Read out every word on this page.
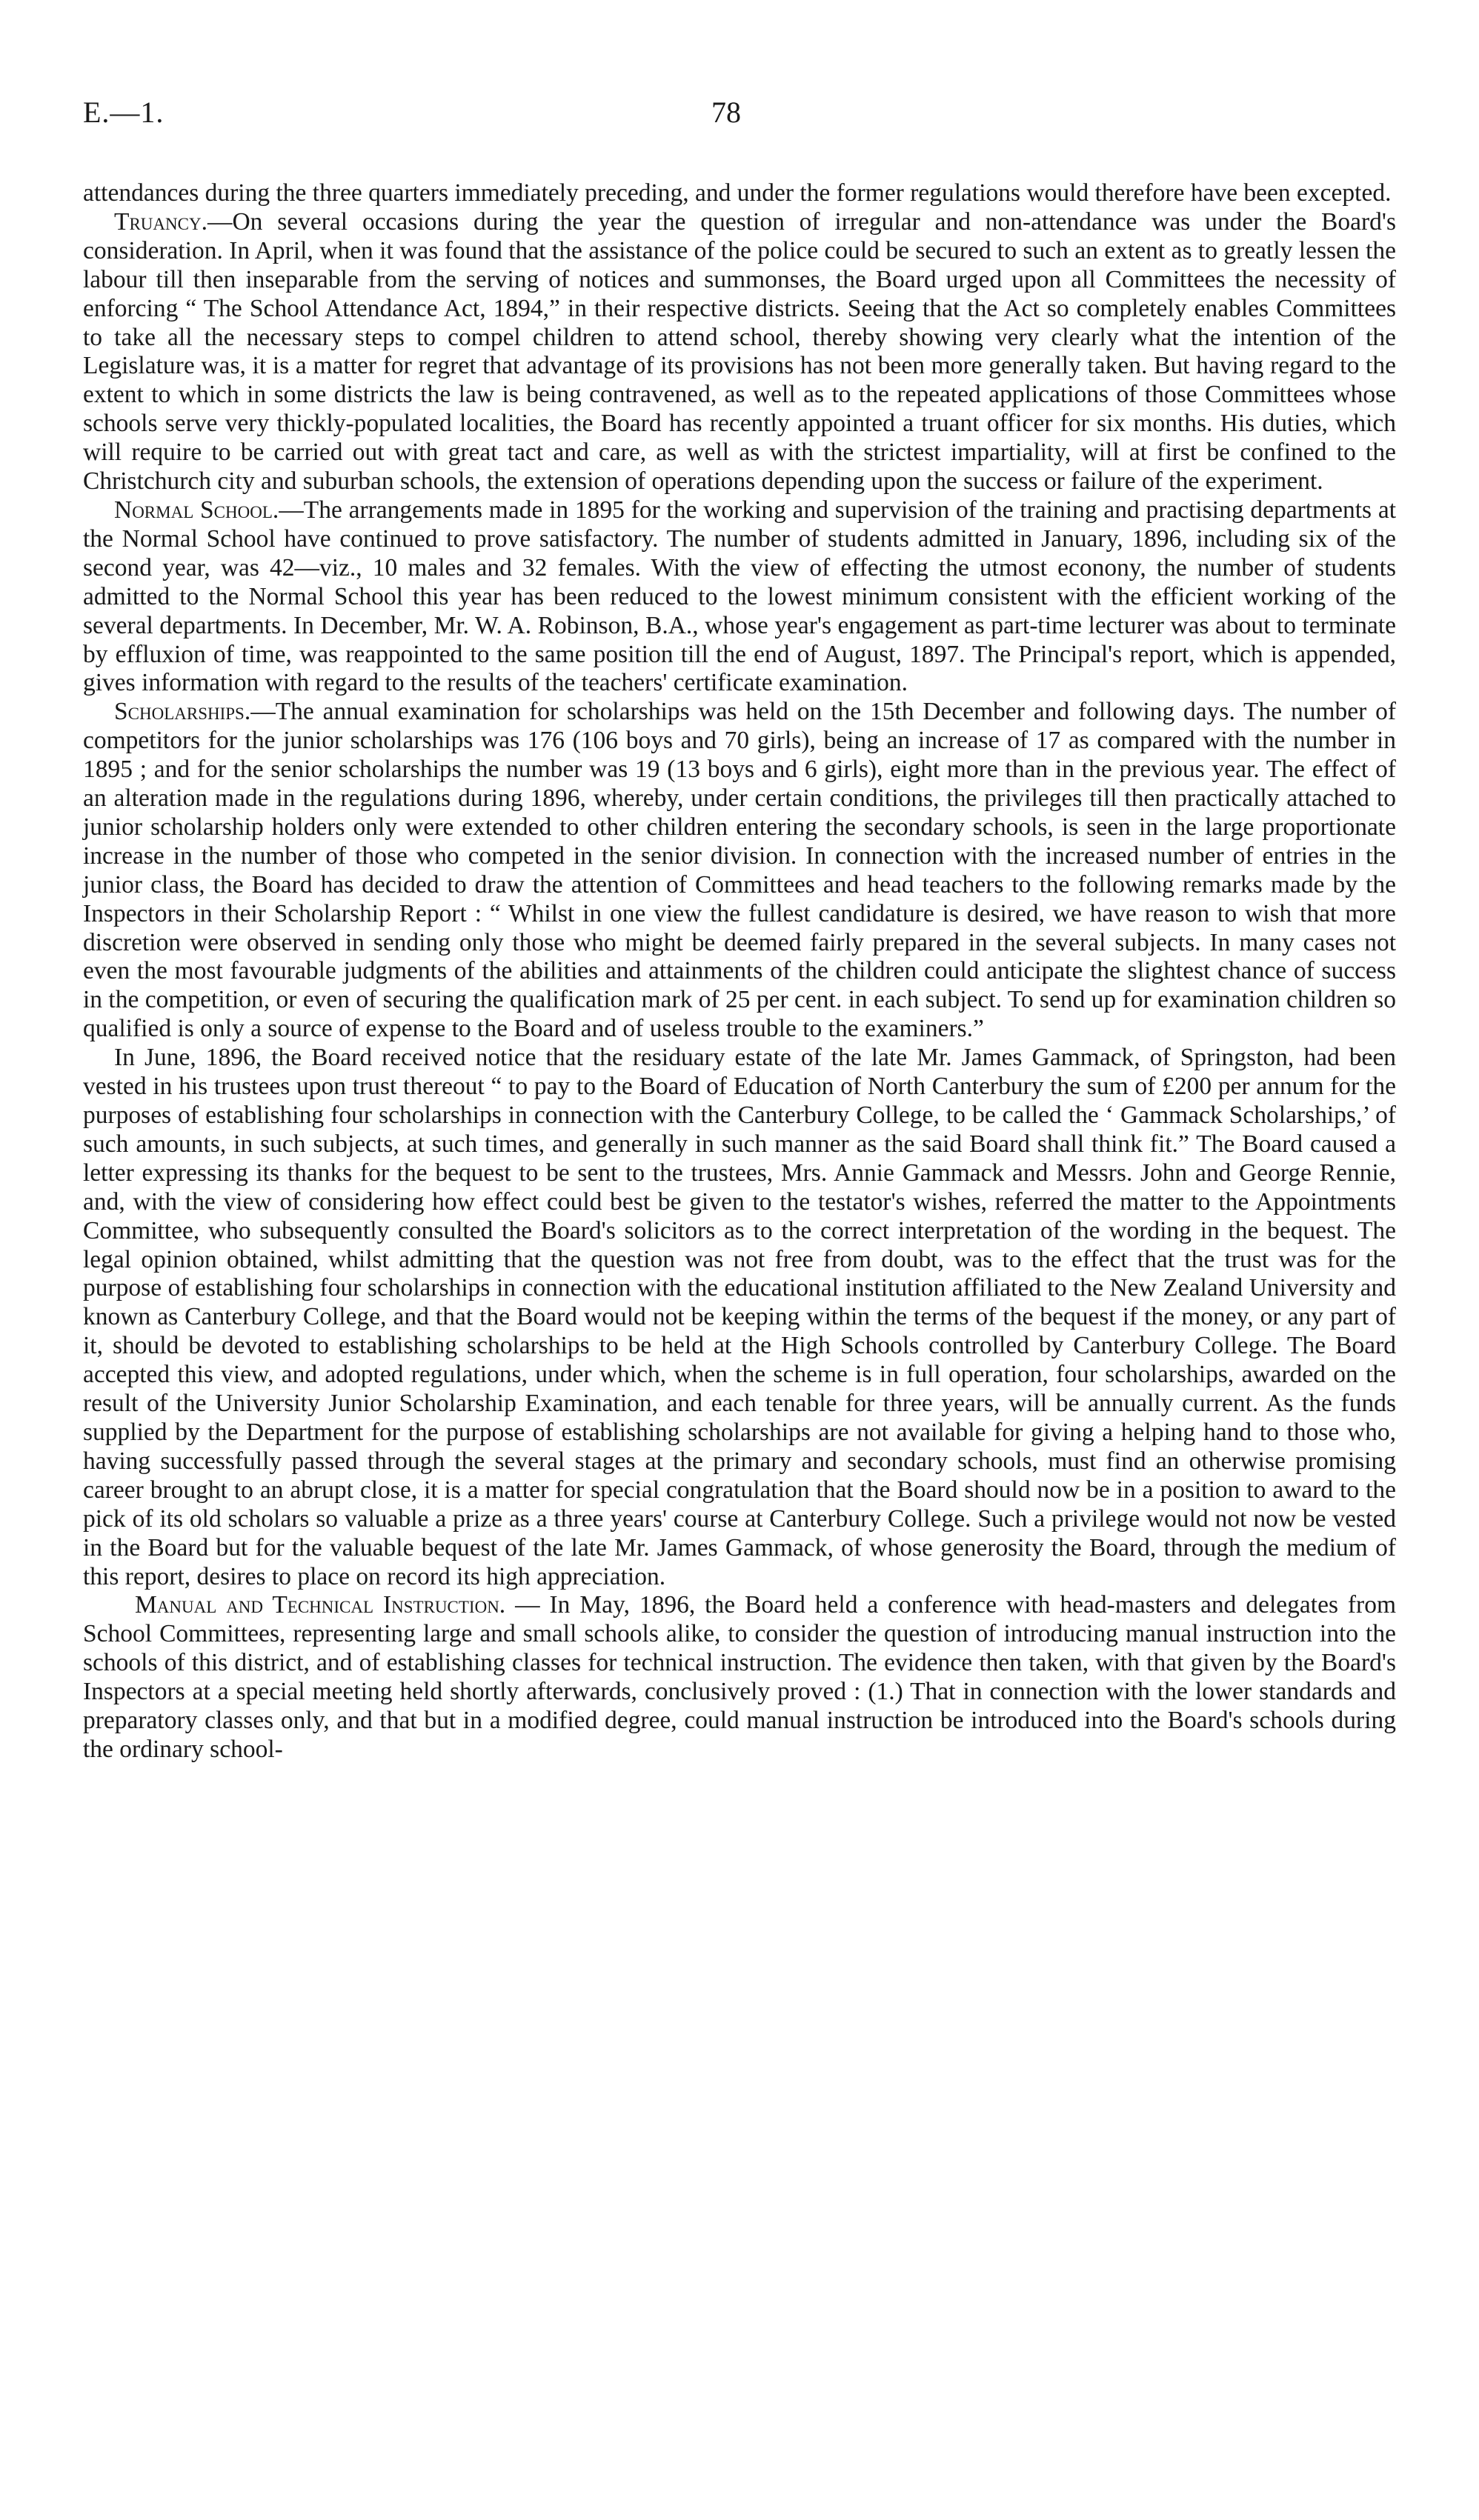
E.—1.	78

attendances during the three quarters immediately preceding, and under the former regulations would therefore have been excepted.

Truancy.—On several occasions during the year the question of irregular and non-attendance was under the Board's consideration. In April, when it was found that the assistance of the police could be secured to such an extent as to greatly lessen the labour till then inseparable from the serving of notices and summonses, the Board urged upon all Committees the necessity of enforcing “ The School Attendance Act, 1894,” in their respective districts. Seeing that the Act so completely enables Committees to take all the necessary steps to compel children to attend school, thereby showing very clearly what the intention of the Legislature was, it is a matter for regret that advantage of its provisions has not been more generally taken. But having regard to the extent to which in some districts the law is being contravened, as well as to the repeated applications of those Committees whose schools serve very thickly-populated localities, the Board has recently appointed a truant officer for six months. His duties, which will require to be carried out with great tact and care, as well as with the strictest impartiality, will at first be confined to the Christchurch city and suburban schools, the extension of operations depending upon the success or failure of the experiment.

Normal School.—The arrangements made in 1895 for the working and supervision of the training and practising departments at the Normal School have continued to prove satisfactory. The number of students admitted in January, 1896, including six of the second year, was 42—viz., 10 males and 32 females. With the view of effecting the utmost econony, the number of students admitted to the Normal School this year has been reduced to the lowest minimum consistent with the efficient working of the several departments. In December, Mr. W. A. Robinson, B.A., whose year's engagement as part-time lecturer was about to terminate by effluxion of time, was reappointed to the same position till the end of August, 1897. The Principal's report, which is appended, gives information with regard to the results of the teachers' certificate examination.

Scholarships.—The annual examination for scholarships was held on the 15th December and following days. The number of competitors for the junior scholarships was 176 (106 boys and 70 girls), being an increase of 17 as compared with the number in 1895 ; and for the senior scholarships the number was 19 (13 boys and 6 girls), eight more than in the previous year. The effect of an alteration made in the regulations during 1896, whereby, under certain conditions, the privileges till then practically attached to junior scholarship holders only were extended to other children entering the secondary schools, is seen in the large proportionate increase in the number of those who competed in the senior division. In connection with the increased number of entries in the junior class, the Board has decided to draw the attention of Committees and head teachers to the following remarks made by the Inspectors in their Scholarship Report : “ Whilst in one view the fullest candidature is desired, we have reason to wish that more discretion were observed in sending only those who might be deemed fairly prepared in the several subjects. In many cases not even the most favourable judgments of the abilities and attainments of the children could anticipate the slightest chance of success in the competition, or even of securing the qualification mark of 25 per cent. in each subject. To send up for examination children so qualified is only a source of expense to the Board and of useless trouble to the examiners.”

In June, 1896, the Board received notice that the residuary estate of the late Mr. James Gammack, of Springston, had been vested in his trustees upon trust thereout “ to pay to the Board of Education of North Canterbury the sum of £200 per annum for the purposes of establishing four scholarships in connection with the Canterbury College, to be called the ‘ Gammack Scholarships,’ of such amounts, in such subjects, at such times, and generally in such manner as the said Board shall think fit.” The Board caused a letter expressing its thanks for the bequest to be sent to the trustees, Mrs. Annie Gammack and Messrs. John and George Rennie, and, with the view of considering how effect could best be given to the testator's wishes, referred the matter to the Appointments Committee, who subsequently consulted the Board's solicitors as to the correct interpretation of the wording in the bequest. The legal opinion obtained, whilst admitting that the question was not free from doubt, was to the effect that the trust was for the purpose of establishing four scholarships in connection with the educational institution affiliated to the New Zealand University and known as Canterbury College, and that the Board would not be keeping within the terms of the bequest if the money, or any part of it, should be devoted to establishing scholarships to be held at the High Schools controlled by Canterbury College. The Board accepted this view, and adopted regulations, under which, when the scheme is in full operation, four scholarships, awarded on the result of the University Junior Scholarship Examination, and each tenable for three years, will be annually current. As the funds supplied by the Department for the purpose of establishing scholarships are not available for giving a helping hand to those who, having successfully passed through the several stages at the primary and secondary schools, must find an otherwise promising career brought to an abrupt close, it is a matter for special congratulation that the Board should now be in a position to award to the pick of its old scholars so valuable a prize as a three years' course at Canterbury College. Such a privilege would not now be vested in the Board but for the valuable bequest of the late Mr. James Gammack, of whose generosity the Board, through the medium of this report, desires to place on record its high appreciation.

Manual and Technical Instruction. — In May, 1896, the Board held a conference with head-masters and delegates from School Committees, representing large and small schools alike, to consider the question of introducing manual instruction into the schools of this district, and of establishing classes for technical instruction. The evidence then taken, with that given by the Board's Inspectors at a special meeting held shortly afterwards, conclusively proved : (1.) That in connection with the lower standards and preparatory classes only, and that but in a modified degree, could manual instruction be introduced into the Board's schools during the ordinary school-
